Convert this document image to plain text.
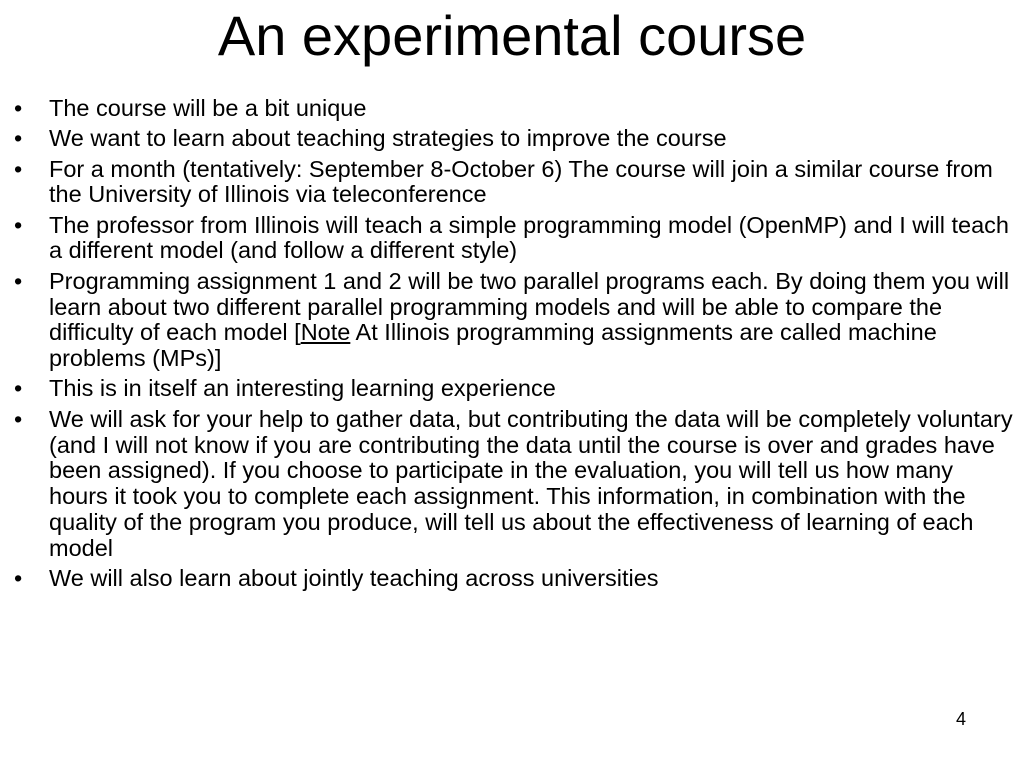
An experimental course
•	The course will be a bit unique
•	We want to learn about teaching strategies to improve the course
•	For a month (tentatively: September 8-October 6) The course will join a similar course from the University of Illinois via teleconference
•	The professor from Illinois will teach a simple programming model (OpenMP) and I will teach a different model (and follow a different style)
•	Programming assignment 1 and 2 will be two parallel programs each. By doing them you will learn about two different parallel programming models and will be able to compare the difficulty of each model [Note At Illinois programming assignments are called machine problems (MPs)]
•	This is in itself an interesting learning experience
•	We will ask for your help to gather data, but contributing the data will be completely voluntary (and I will not know if you are contributing the data until the course is over and grades have been assigned). If you choose to participate in the evaluation, you will tell us how many hours it took you to complete each assignment. This information, in combination with the quality of the program you produce, will tell us about the effectiveness of learning of each model
•	We will also learn about jointly teaching across universities
4
